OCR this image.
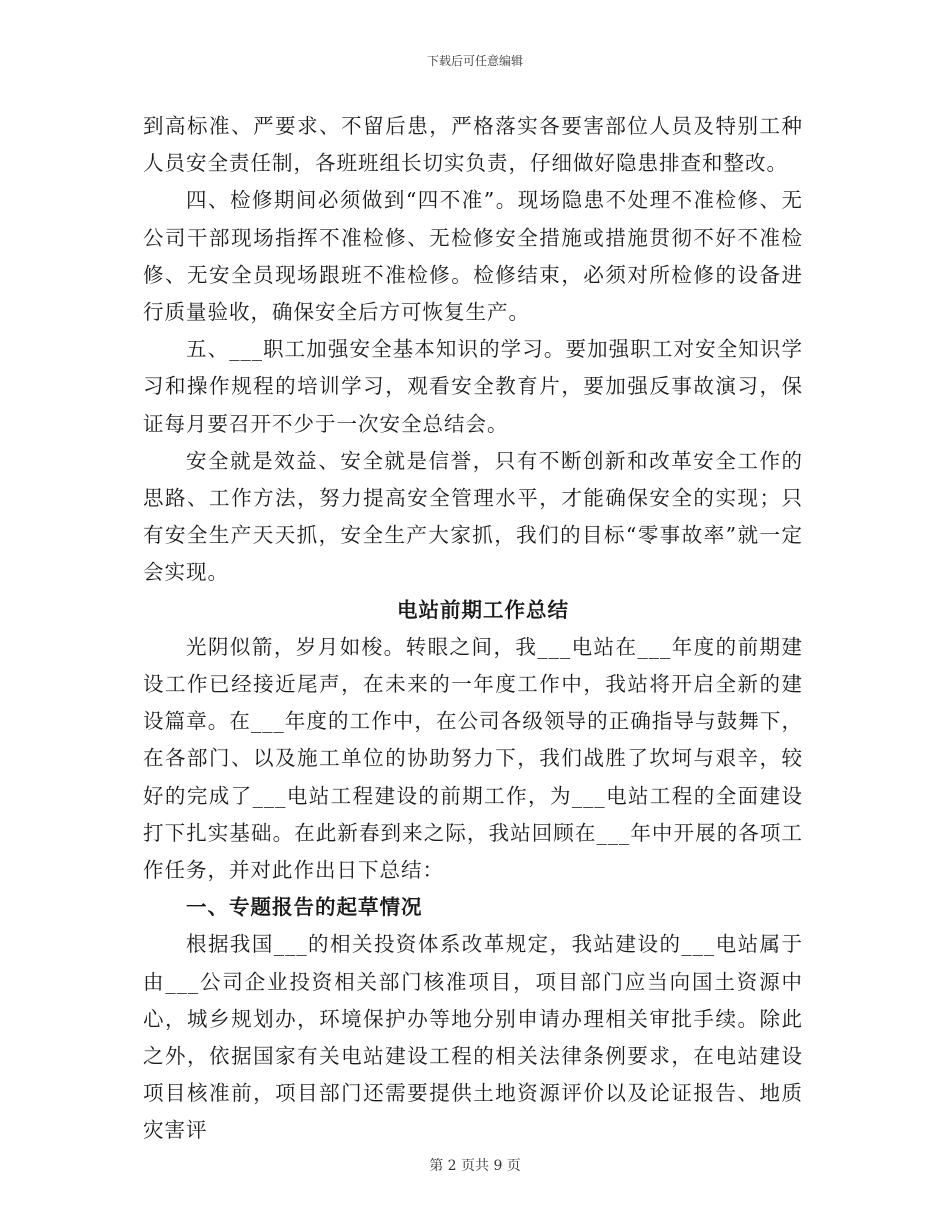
下载后可任意编辑

到高标准、严要求、不留后患，严格落实各要害部位人员及特别工种人员安全责任制，各班班组长切实负责，仔细做好隐患排查和整改。

四、检修期间必须做到“四不准”。现场隐患不处理不准检修、无公司干部现场指挥不准检修、无检修安全措施或措施贯彻不好不准检修、无安全员现场跟班不准检修。检修结束，必须对所检修的设备进行质量验收，确保安全后方可恢复生产。

五、___职工加强安全基本知识的学习。要加强职工对安全知识学习和操作规程的培训学习，观看安全教育片，要加强反事故演习，保证每月要召开不少于一次安全总结会。

安全就是效益、安全就是信誉，只有不断创新和改革安全工作的思路、工作方法，努力提高安全管理水平，才能确保安全的实现；只有安全生产天天抓，安全生产大家抓，我们的目标“零事故率”就一定会实现。

电站前期工作总结

光阴似箭，岁月如梭。转眼之间，我___电站在___年度的前期建设工作已经接近尾声，在未来的一年度工作中，我站将开启全新的建设篇章。在___年度的工作中，在公司各级领导的正确指导与鼓舞下，在各部门、以及施工单位的协助努力下，我们战胜了坎坷与艰辛，较好的完成了___电站工程建设的前期工作，为___电站工程的全面建设打下扎实基础。在此新春到来之际，我站回顾在___年中开展的各项工作任务，并对此作出日下总结：

一、专题报告的起草情况

根据我国___的相关投资体系改革规定，我站建设的___电站属于由___公司企业投资相关部门核准项目，项目部门应当向国土资源中心，城乡规划办，环境保护办等地分别申请办理相关审批手续。除此之外，依据国家有关电站建设工程的相关法律条例要求，在电站建设项目核准前，项目部门还需要提供土地资源评价以及论证报告、地质灾害评

第 2 页共 9 页
